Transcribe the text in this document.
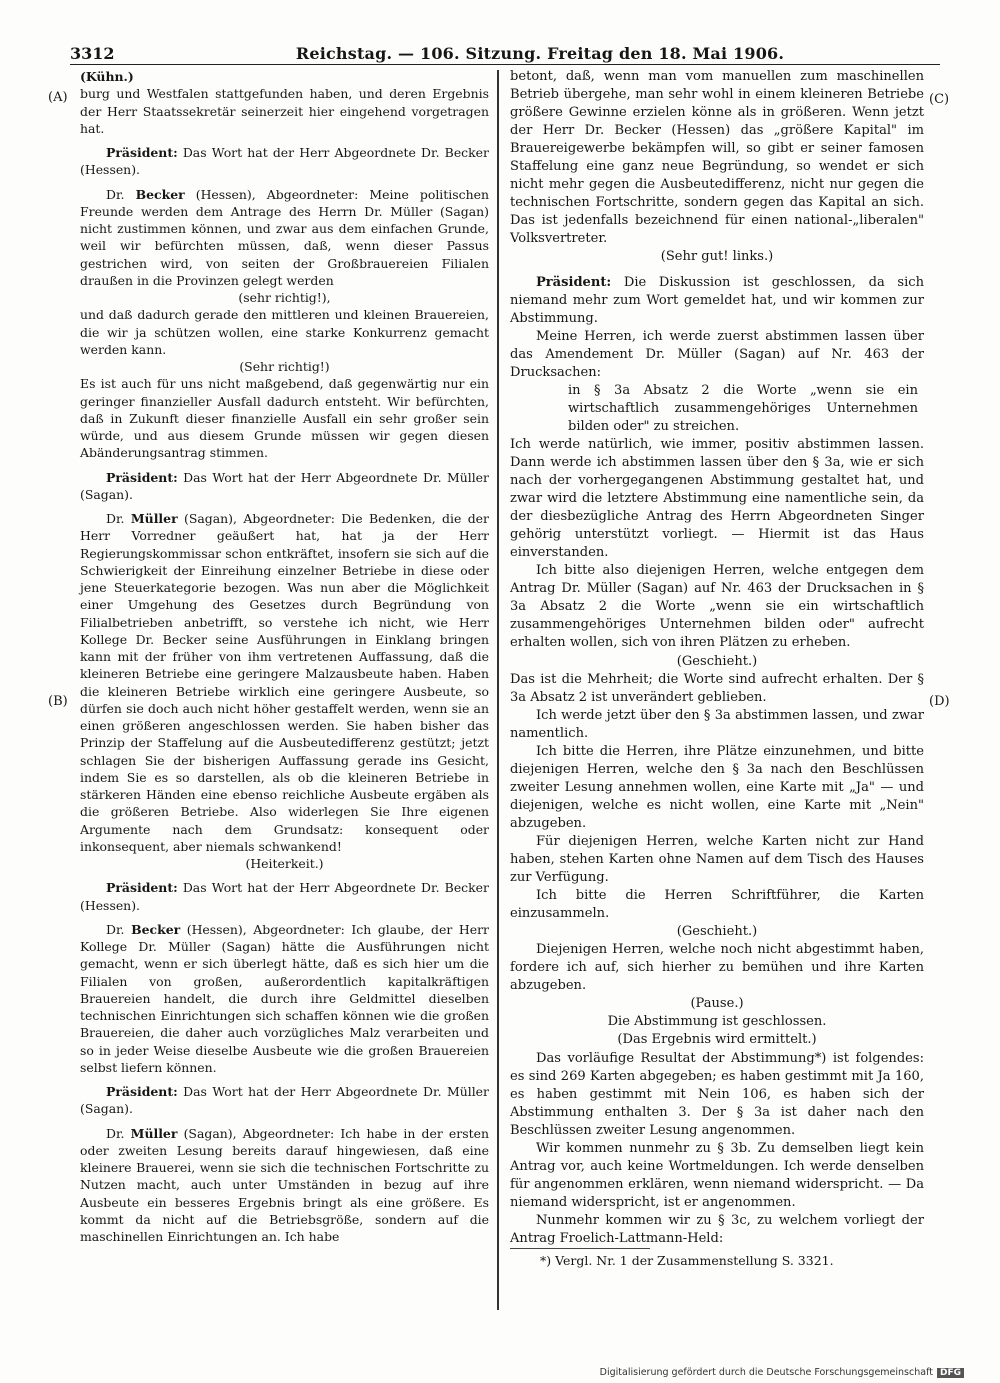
3312	Reichstag. — 106. Sitzung. Freitag den 18. Mai 1906.
(A)
(B)
(C)
(D)

(Kühn.)

burg und Westfalen stattgefunden haben, und deren Ergebnis der Herr Staatssekretär seinerzeit hier eingehend vorgetragen hat.

Präsident: Das Wort hat der Herr Abgeordnete Dr. Becker (Hessen).

Dr. Becker (Hessen), Abgeordneter: Meine politischen Freunde werden dem Antrage des Herrn Dr. Müller (Sagan) nicht zustimmen können, und zwar aus dem einfachen Grunde, weil wir befürchten müssen, daß, wenn dieser Passus gestrichen wird, von seiten der Großbrauereien Filialen draußen in die Provinzen gelegt werden

(sehr richtig!),

und daß dadurch gerade den mittleren und kleinen Brauereien, die wir ja schützen wollen, eine starke Konkurrenz gemacht werden kann.

(Sehr richtig!)

Es ist auch für uns nicht maßgebend, daß gegenwärtig nur ein geringer finanzieller Ausfall dadurch entsteht. Wir befürchten, daß in Zukunft dieser finanzielle Ausfall ein sehr großer sein würde, und aus diesem Grunde müssen wir gegen diesen Abänderungsantrag stimmen.

Präsident: Das Wort hat der Herr Abgeordnete Dr. Müller (Sagan).

Dr. Müller (Sagan), Abgeordneter: Die Bedenken, die der Herr Vorredner geäußert hat, hat ja der Herr Regierungskommissar schon entkräftet, insofern sie sich auf die Schwierigkeit der Einreihung einzelner Betriebe in diese oder jene Steuerkategorie bezogen. Was nun aber die Möglichkeit einer Umgehung des Gesetzes durch Begründung von Filialbetrieben anbetrifft, so verstehe ich nicht, wie Herr Kollege Dr. Becker seine Ausführungen in Einklang bringen kann mit der früher von ihm vertretenen Auffassung, daß die kleineren Betriebe eine geringere Malzausbeute haben. Haben die kleineren Betriebe wirklich eine geringere Ausbeute, so dürfen sie doch auch nicht höher gestaffelt werden, wenn sie an einen größeren angeschlossen werden. Sie haben bisher das Prinzip der Staffelung auf die Ausbeutedifferenz gestützt; jetzt schlagen Sie der bisherigen Auffassung gerade ins Gesicht, indem Sie es so darstellen, als ob die kleineren Betriebe in stärkeren Händen eine ebenso reichliche Ausbeute ergäben als die größeren Betriebe. Also widerlegen Sie Ihre eigenen Argumente nach dem Grundsatz: konsequent oder inkonsequent, aber niemals schwankend!

(Heiterkeit.)

Präsident: Das Wort hat der Herr Abgeordnete Dr. Becker (Hessen).

Dr. Becker (Hessen), Abgeordneter: Ich glaube, der Herr Kollege Dr. Müller (Sagan) hätte die Ausführungen nicht gemacht, wenn er sich überlegt hätte, daß es sich hier um die Filialen von großen, außerordentlich kapitalkräftigen Brauereien handelt, die durch ihre Geldmittel dieselben technischen Einrichtungen sich schaffen können wie die großen Brauereien, die daher auch vorzügliches Malz verarbeiten und so in jeder Weise dieselbe Ausbeute wie die großen Brauereien selbst liefern können.

Präsident: Das Wort hat der Herr Abgeordnete Dr. Müller (Sagan).

Dr. Müller (Sagan), Abgeordneter: Ich habe in der ersten oder zweiten Lesung bereits darauf hingewiesen, daß eine kleinere Brauerei, wenn sie sich die technischen Fortschritte zu Nutzen macht, auch unter Umständen in bezug auf ihre Ausbeute ein besseres Ergebnis bringt als eine größere. Es kommt da nicht auf die Betriebsgröße, sondern auf die maschinellen Einrichtungen an. Ich habe

betont, daß, wenn man vom manuellen zum maschinellen Betrieb übergehe, man sehr wohl in einem kleineren Betriebe größere Gewinne erzielen könne als in größeren. Wenn jetzt der Herr Dr. Becker (Hessen) das „größere Kapital" im Brauereigewerbe bekämpfen will, so gibt er seiner famosen Staffelung eine ganz neue Begründung, so wendet er sich nicht mehr gegen die Ausbeutedifferenz, nicht nur gegen die technischen Fortschritte, sondern gegen das Kapital an sich. Das ist jedenfalls bezeichnend für einen national-„liberalen" Volksvertreter.

(Sehr gut! links.)

Präsident: Die Diskussion ist geschlossen, da sich niemand mehr zum Wort gemeldet hat, und wir kommen zur Abstimmung.

Meine Herren, ich werde zuerst abstimmen lassen über das Amendement Dr. Müller (Sagan) auf Nr. 463 der Drucksachen:

in § 3a Absatz 2 die Worte „wenn sie ein wirtschaftlich zusammengehöriges Unternehmen bilden oder" zu streichen.

Ich werde natürlich, wie immer, positiv abstimmen lassen. Dann werde ich abstimmen lassen über den § 3a, wie er sich nach der vorhergegangenen Abstimmung gestaltet hat, und zwar wird die letztere Abstimmung eine namentliche sein, da der diesbezügliche Antrag des Herrn Abgeordneten Singer gehörig unterstützt vorliegt. — Hiermit ist das Haus einverstanden.

Ich bitte also diejenigen Herren, welche entgegen dem Antrag Dr. Müller (Sagan) auf Nr. 463 der Drucksachen in § 3a Absatz 2 die Worte „wenn sie ein wirtschaftlich zusammengehöriges Unternehmen bilden oder" aufrecht erhalten wollen, sich von ihren Plätzen zu erheben.

(Geschieht.)

Das ist die Mehrheit; die Worte sind aufrecht erhalten. Der § 3a Absatz 2 ist unverändert geblieben.

Ich werde jetzt über den § 3a abstimmen lassen, und zwar namentlich.

Ich bitte die Herren, ihre Plätze einzunehmen, und bitte diejenigen Herren, welche den § 3a nach den Beschlüssen zweiter Lesung annehmen wollen, eine Karte mit „Ja" — und diejenigen, welche es nicht wollen, eine Karte mit „Nein" abzugeben.

Für diejenigen Herren, welche Karten nicht zur Hand haben, stehen Karten ohne Namen auf dem Tisch des Hauses zur Verfügung.

Ich bitte die Herren Schriftführer, die Karten einzusammeln.

(Geschieht.)

Diejenigen Herren, welche noch nicht abgestimmt haben, fordere ich auf, sich hierher zu bemühen und ihre Karten abzugeben.

(Pause.)

Die Abstimmung ist geschlossen.

(Das Ergebnis wird ermittelt.)

Das vorläufige Resultat der Abstimmung*) ist folgendes: es sind 269 Karten abgegeben; es haben gestimmt mit Ja 160, es haben gestimmt mit Nein 106, es haben sich der Abstimmung enthalten 3. Der § 3a ist daher nach den Beschlüssen zweiter Lesung angenommen.

Wir kommen nunmehr zu § 3b. Zu demselben liegt kein Antrag vor, auch keine Wortmeldungen. Ich werde denselben für angenommen erklären, wenn niemand widerspricht. — Da niemand widerspricht, ist er angenommen.

Nunmehr kommen wir zu § 3c, zu welchem vorliegt der Antrag Froelich-Lattmann-Held:

*) Vergl. Nr. 1 der Zusammenstellung S. 3321.
Digitalisierung gefördert durch die Deutsche Forschungsgemeinschaft DFG
